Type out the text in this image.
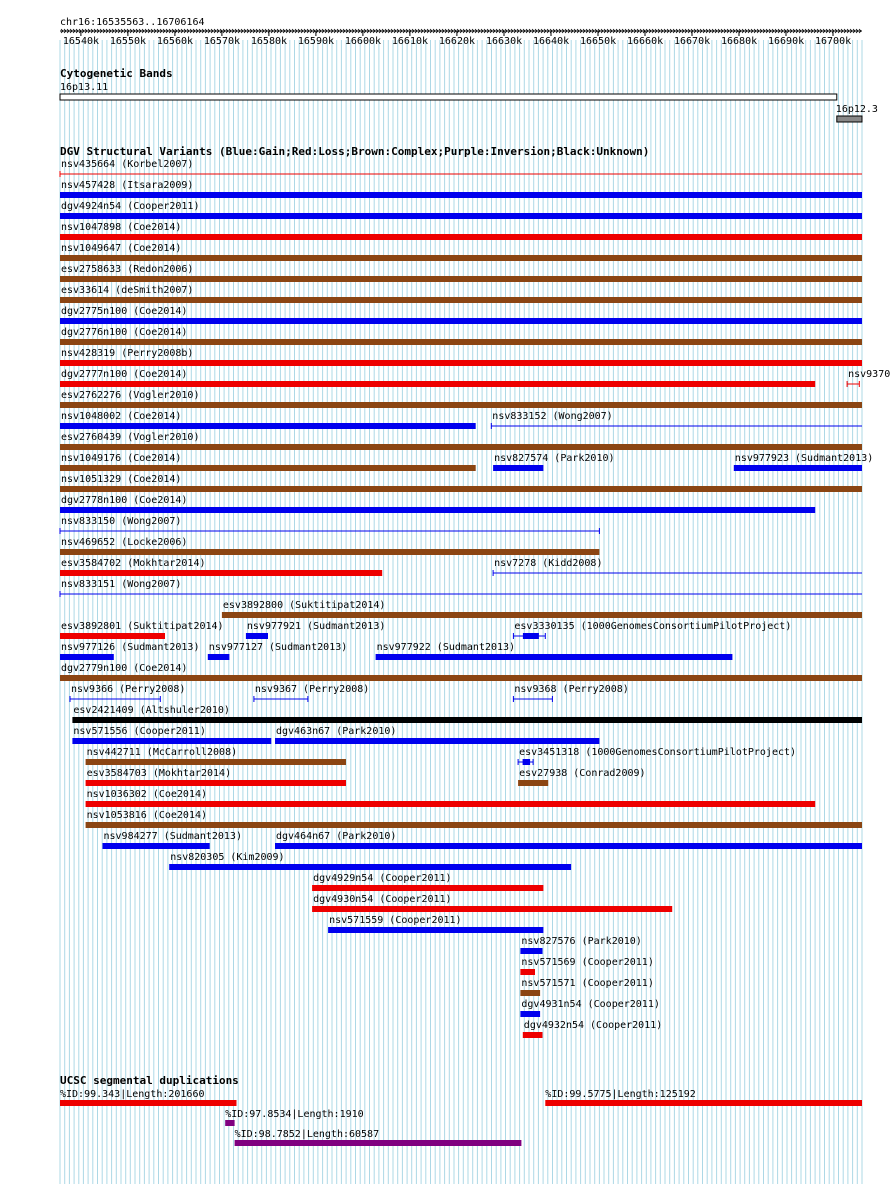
chr16:16535563..16706164
16540k 16550k 16560k 16570k 16580k 16590k 16600k 16610k 16620k 16630k 16640k 16650k 16660k 16670k 16680k 16690k 16700k
Cytogenetic Bands
16p13.11
16p12.3
DGV Structural Variants (Blue:Gain;Red:Loss;Brown:Complex;Purple:Inversion;Black:Unknown)
nsv435664 (Korbel2007)
nsv457428 (Itsara2009)
dgv4924n54 (Cooper2011)
nsv1047898 (Coe2014)
nsv1049647 (Coe2014)
esv2758633 (Redon2006)
esv33614 (deSmith2007)
dgv2775n100 (Coe2014)
dgv2776n100 (Coe2014)
nsv428319 (Perry2008b)
dgv2777n100 (Coe2014)	nsv9370
esv2762276 (Vogler2010)
nsv1048002 (Coe2014)	nsv833152 (Wong2007)
esv2760439 (Vogler2010)
nsv1049176 (Coe2014)	nsv827574 (Park2010)	nsv977923 (Sudmant2013)
nsv1051329 (Coe2014)
dgv2778n100 (Coe2014)
nsv833150 (Wong2007)
nsv469652 (Locke2006)
esv3584702 (Mokhtar2014)	nsv7278 (Kidd2008)
nsv833151 (Wong2007)
esv3892800 (Suktitipat2014)
esv3892801 (Suktitipat2014) nsv977921 (Sudmant2013)	esv3330135 (1000GenomesConsortiumPilotProject)
nsv977126 (Sudmant2013) nsv977127 (Sudmant2013)	nsv977922 (Sudmant2013)
dgv2779n100 (Coe2014)
nsv9366 (Perry2008)	nsv9367 (Perry2008)	nsv9368 (Perry2008)
esv2421409 (Altshuler2010)
nsv571556 (Cooper2011)	dgv463n67 (Park2010)
nsv442711 (McCarroll2008)	esv3451318 (1000GenomesConsortiumPilotProject)
esv3584703 (Mokhtar2014)	esv27938 (Conrad2009)
nsv1036302 (Coe2014)
nsv1053816 (Coe2014)
nsv984277 (Sudmant2013)	dgv464n67 (Park2010)
nsv820305 (Kim2009)
dgv4929n54 (Cooper2011)
dgv4930n54 (Cooper2011)
nsv571559 (Cooper2011)
nsv827576 (Park2010)
nsv571569 (Cooper2011)
nsv571571 (Cooper2011)
dgv4931n54 (Cooper2011)
dgv4932n54 (Cooper2011)
UCSC segmental duplications
%ID:99.343|Length:201660	%ID:99.5775|Length:125192
%ID:97.8534|Length:1910
%ID:98.7852|Length:60587
